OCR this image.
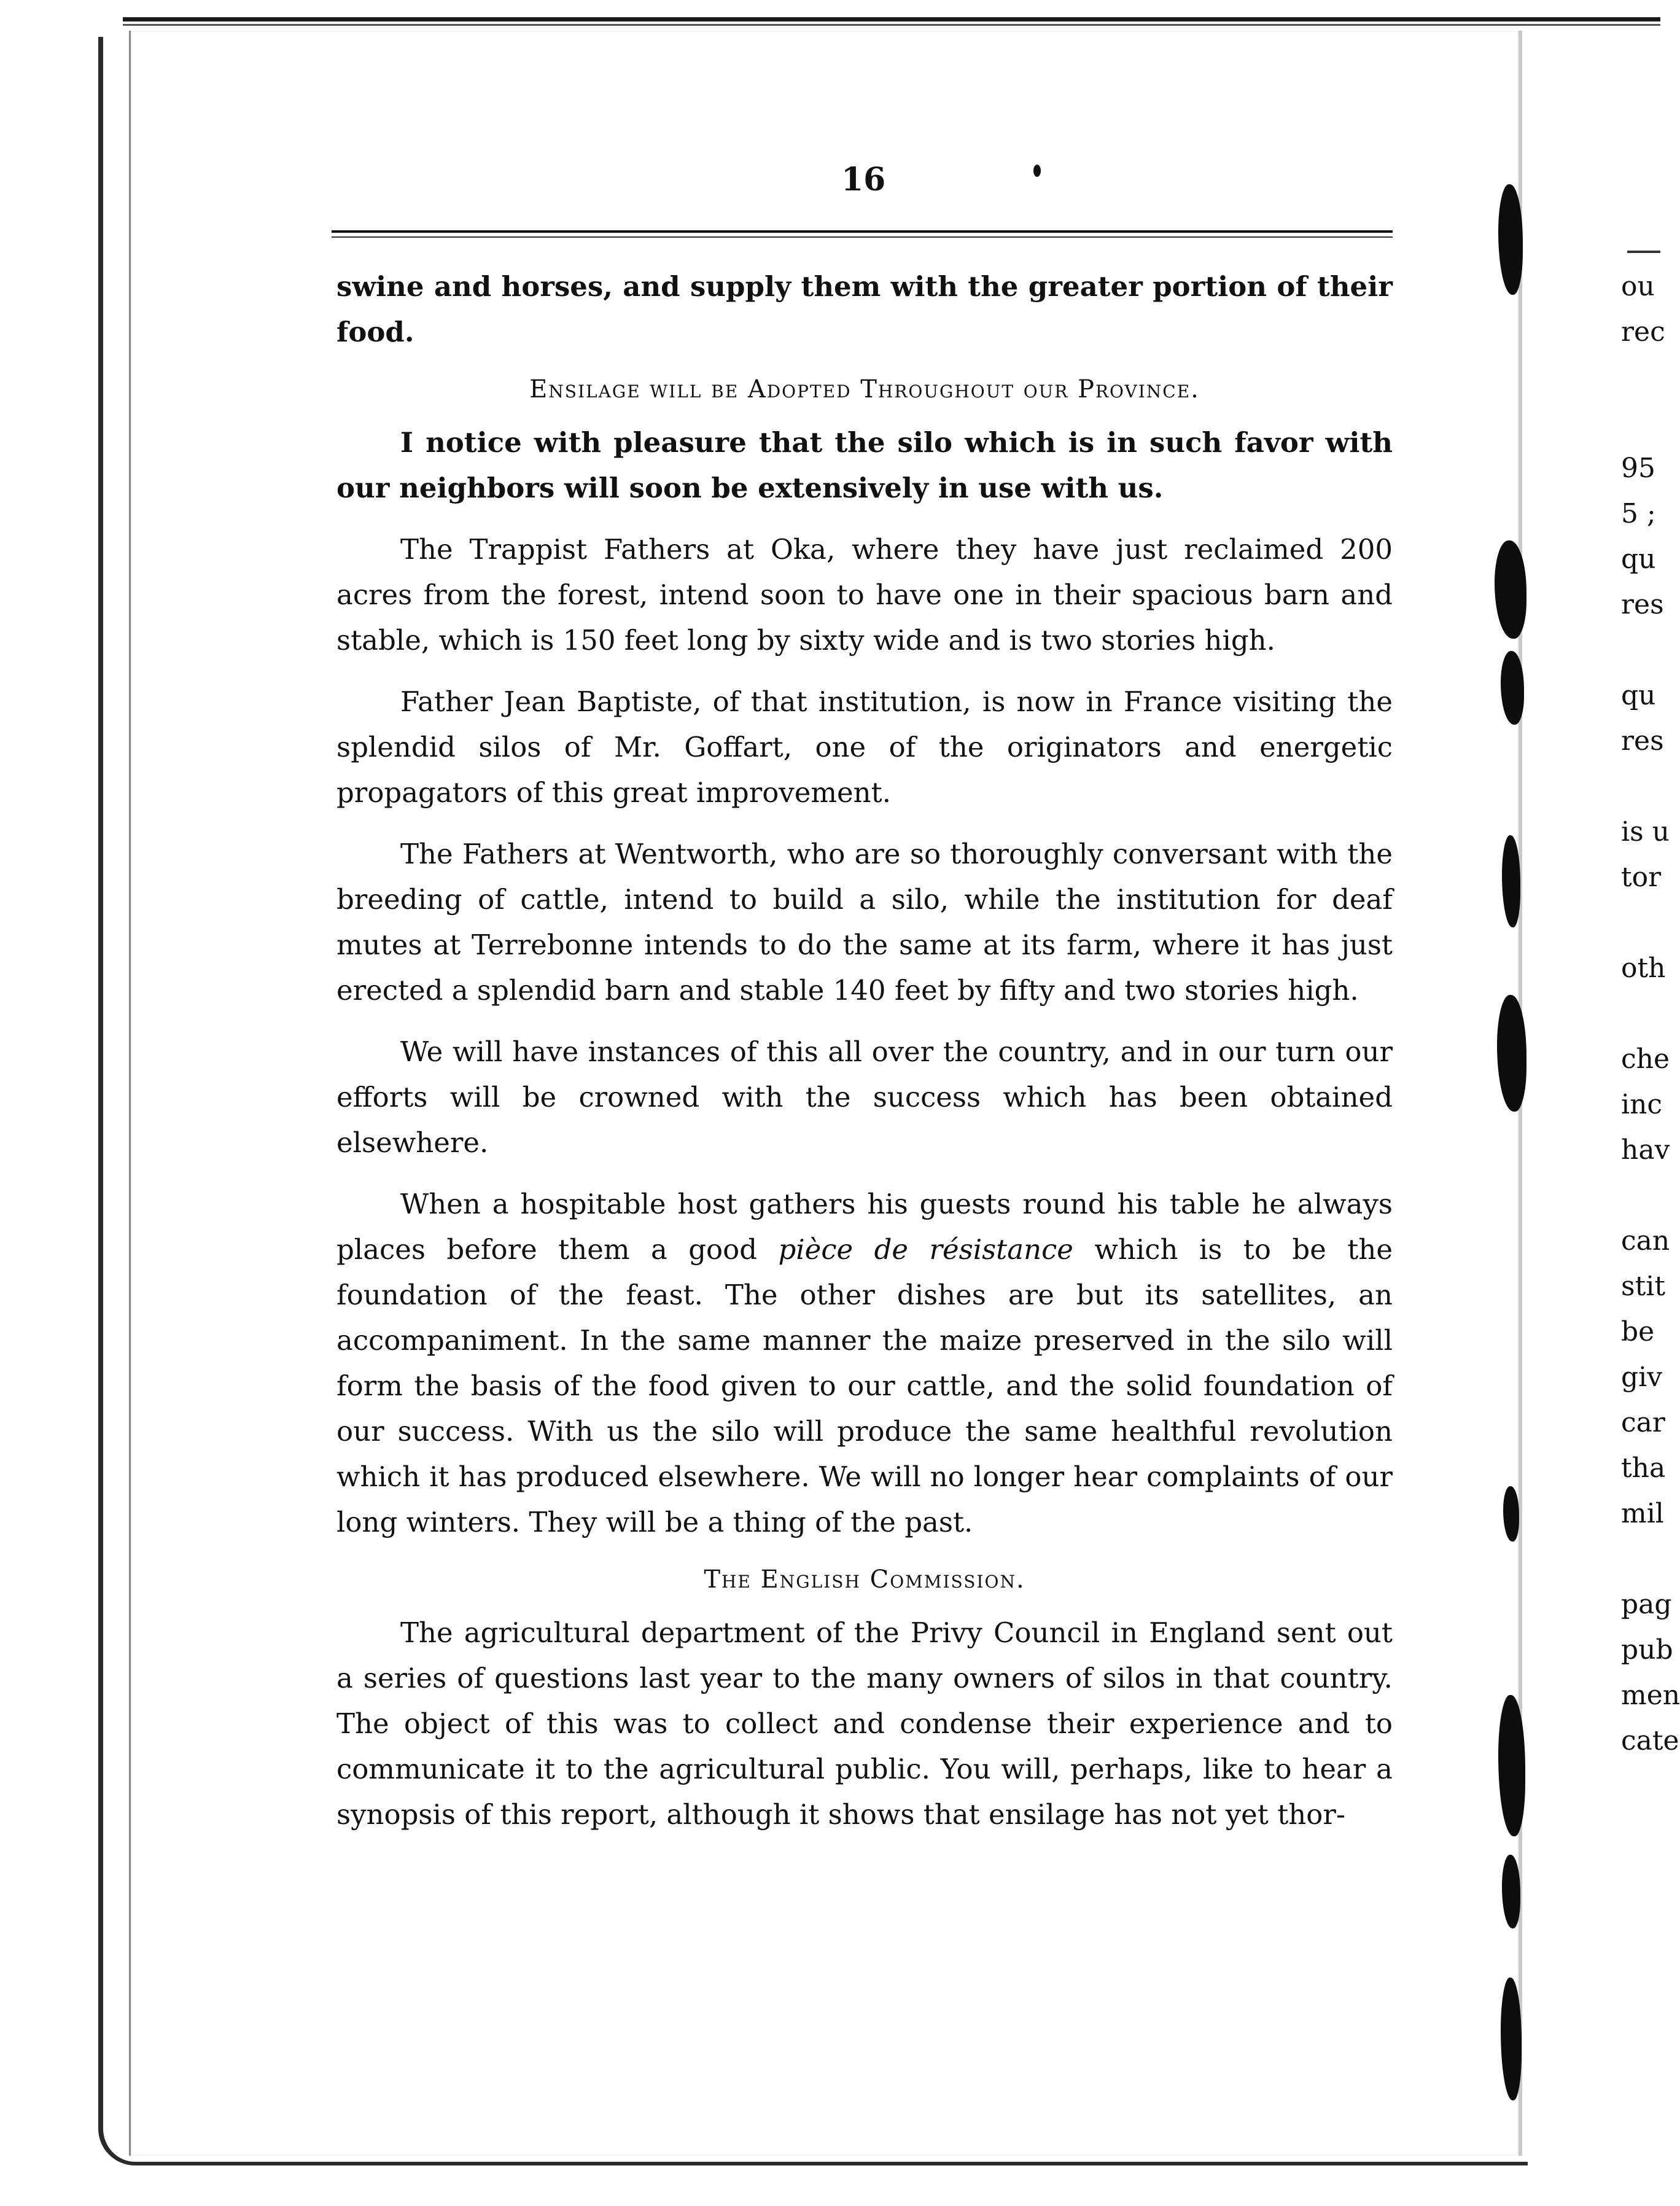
16

swine and horses, and supply them with the greater portion of their food.

Ensilage will be Adopted Throughout our Province.

I notice with pleasure that the silo which is in such favor with our neighbors will soon be extensively in use with us.

The Trappist Fathers at Oka, where they have just reclaimed 200 acres from the forest, intend soon to have one in their spacious barn and stable, which is 150 feet long by sixty wide and is two stories high.

Father Jean Baptiste, of that institution, is now in France visiting the splendid silos of Mr. Goffart, one of the originators and energetic propagators of this great improvement.

The Fathers at Wentworth, who are so thoroughly conversant with the breeding of cattle, intend to build a silo, while the institution for deaf mutes at Terrebonne intends to do the same at its farm, where it has just erected a splendid barn and stable 140 feet by fifty and two stories high.

We will have instances of this all over the country, and in our turn our efforts will be crowned with the success which has been obtained elsewhere.

When a hospitable host gathers his guests round his table he always places before them a good pièce de résistance which is to be the foundation of the feast. The other dishes are but its satellites, an accompaniment. In the same manner the maize preserved in the silo will form the basis of the food given to our cattle, and the solid foundation of our success. With us the silo will produce the same healthful revolution which it has produced elsewhere. We will no longer hear complaints of our long winters. They will be a thing of the past.

The English Commission.

The agricultural department of the Privy Council in England sent out a series of questions last year to the many owners of silos in that country. The object of this was to collect and condense their experience and to communicate it to the agricultural public. You will, perhaps, like to hear a synopsis of this report, although it shows that ensilage has not yet thor-

ou
rec
95
5 ;
qu
res
qu
res
is u
tor
oth
che
inc
hav
can
stit
be
giv
car
tha
mil
pag
pub
men
cate
